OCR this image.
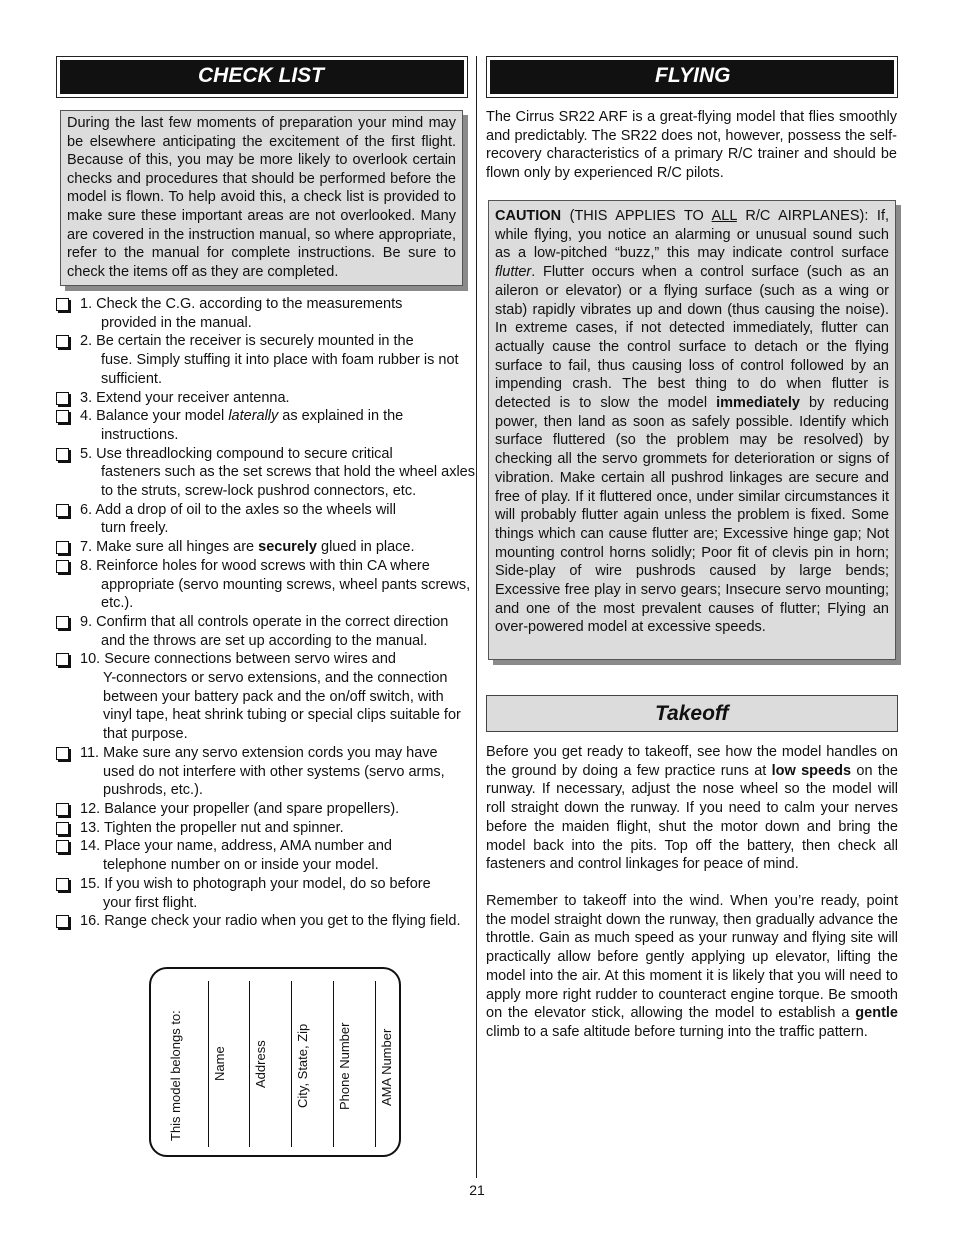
CHECK LIST

During the last few moments of preparation your mind may be elsewhere anticipating the excitement of the first flight. Because of this, you may be more likely to overlook certain checks and procedures that should be performed before the model is flown. To help avoid this, a check list is provided to make sure these important areas are not overlooked. Many are covered in the instruction manual, so where appropriate, refer to the manual for complete instructions. Be sure to check the items off as they are completed.

1. Check the C.G. according to the measurements
provided in the manual.
2. Be certain the receiver is securely mounted in the
fuse. Simply stuffing it into place with foam rubber is not sufficient.
3. Extend your receiver antenna.
4. Balance your model laterally as explained in the
instructions.
5. Use threadlocking compound to secure critical
fasteners such as the set screws that hold the wheel axles to the struts, screw-lock pushrod connectors, etc.
6. Add a drop of oil to the axles so the wheels will
turn freely.
7. Make sure all hinges are securely glued in place.
8. Reinforce holes for wood screws with thin CA where
appropriate (servo mounting screws, wheel pants screws, etc.).
9. Confirm that all controls operate in the correct direction
and the throws are set up according to the manual.
10. Secure connections between servo wires and
Y-connectors or servo extensions, and the connection between your battery pack and the on/off switch, with vinyl tape, heat shrink tubing or special clips suitable for that purpose.
11. Make sure any servo extension cords you may have
used do not interfere with other systems (servo arms, pushrods, etc.).
12. Balance your propeller (and spare propellers).
13. Tighten the propeller nut and spinner.
14. Place your name, address, AMA number and
telephone number on or inside your model.
15. If you wish to photograph your model, do so before
your first flight.
16. Range check your radio when you get to the flying field.
FLYING

The Cirrus SR22 ARF is a great-flying model that flies smoothly and predictably. The SR22 does not, however, possess the self-recovery characteristics of a primary R/C trainer and should be flown only by experienced R/C pilots.

CAUTION (THIS APPLIES TO ALL R/C AIRPLANES): If, while flying, you notice an alarming or unusual sound such as a low-pitched “buzz,” this may indicate control surface flutter. Flutter occurs when a control surface (such as an aileron or elevator) or a flying surface (such as a wing or stab) rapidly vibrates up and down (thus causing the noise). In extreme cases, if not detected immediately, flutter can actually cause the control surface to detach or the flying surface to fail, thus causing loss of control followed by an impending crash. The best thing to do when flutter is detected is to slow the model immediately by reducing power, then land as soon as safely possible. Identify which surface fluttered (so the problem may be resolved) by checking all the servo grommets for deterioration or signs of vibration. Make certain all pushrod linkages are secure and free of play. If it fluttered once, under similar circumstances it will probably flutter again unless the problem is fixed. Some things which can cause flutter are; Excessive hinge gap; Not mounting control horns solidly; Poor fit of clevis pin in horn; Side-play of wire pushrods caused by large bends; Excessive free play in servo gears; Insecure servo mounting; and one of the most prevalent causes of flutter; Flying an over-powered model at excessive speeds.

Takeoff

Before you get ready to takeoff, see how the model handles on the ground by doing a few practice runs at low speeds on the runway. If necessary, adjust the nose wheel so the model will roll straight down the runway. If you need to calm your nerves before the maiden flight, shut the motor down and bring the model back into the pits. Top off the battery, then check all fasteners and control linkages for peace of mind.

Remember to takeoff into the wind. When you’re ready, point the model straight down the runway, then gradually advance the throttle. Gain as much speed as your runway and flying site will practically allow before gently applying up elevator, lifting the model into the air. At this moment it is likely that you will need to apply more right rudder to counteract engine torque. Be smooth on the elevator stick, allowing the model to establish a gentle climb to a safe altitude before turning into the traffic pattern.

This model belongs to: Name Address City, State, Zip Phone Number AMA Number
21
